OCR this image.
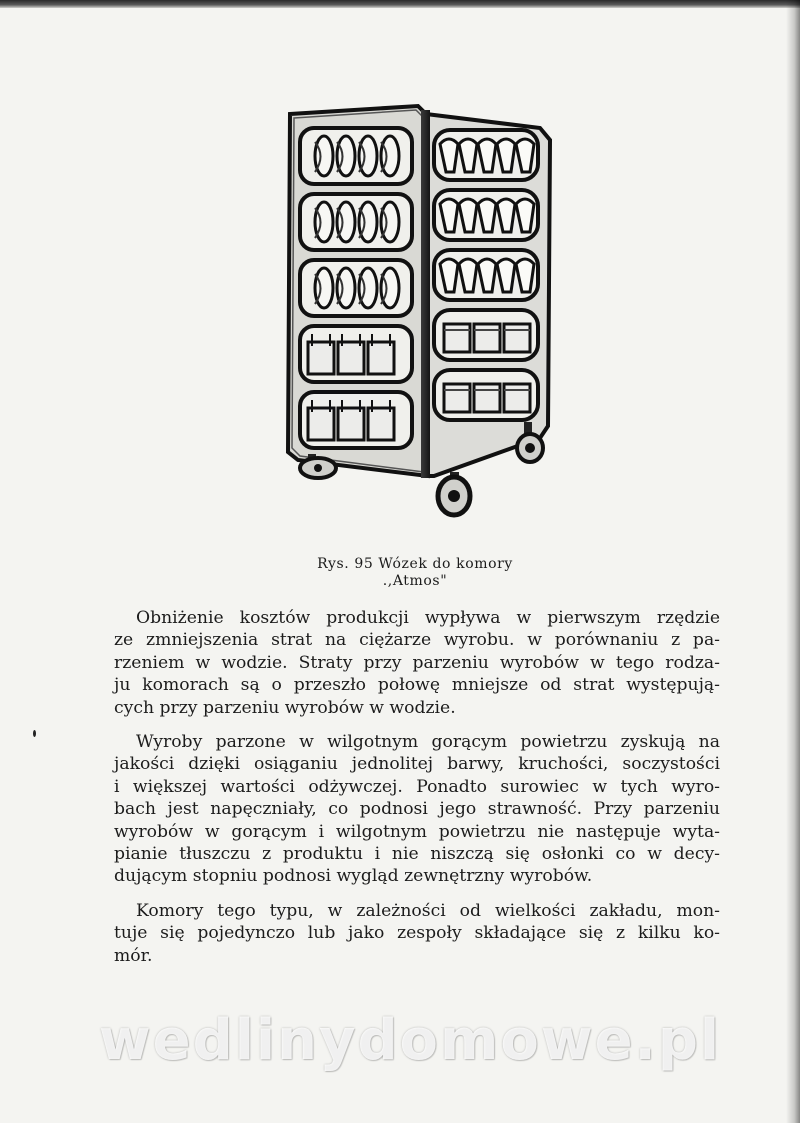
Rys. 95 Wózek do komory
.,Atmos"
Obniżenie kosztów produkcji wypływa w pierwszym rzędzie
ze zmniejszenia strat na ciężarze wyrobu. w porównaniu z pa-
rzeniem w wodzie. Straty przy parzeniu wyrobów w tego rodza-
ju komorach są o przeszło połowę mniejsze od strat występują-
cych przy parzeniu wyrobów w wodzie.
Wyroby parzone w wilgotnym gorącym powietrzu zyskują na
jakości dzięki osiąganiu jednolitej barwy, kruchości, soczystości
i większej wartości odżywczej. Ponadto surowiec w tych wyro-
bach jest napęczniały, co podnosi jego strawność. Przy parzeniu
wyrobów w gorącym i wilgotnym powietrzu nie następuje wyta-
pianie tłuszczu z produktu i nie niszczą się osłonki co w decy-
dującym stopniu podnosi wygląd zewnętrzny wyrobów.
Komory tego typu, w zależności od wielkości zakładu, mon-
tuje się pojedynczo lub jako zespoły składające się z kilku ko-
mór.
wedlinydomowe.pl
